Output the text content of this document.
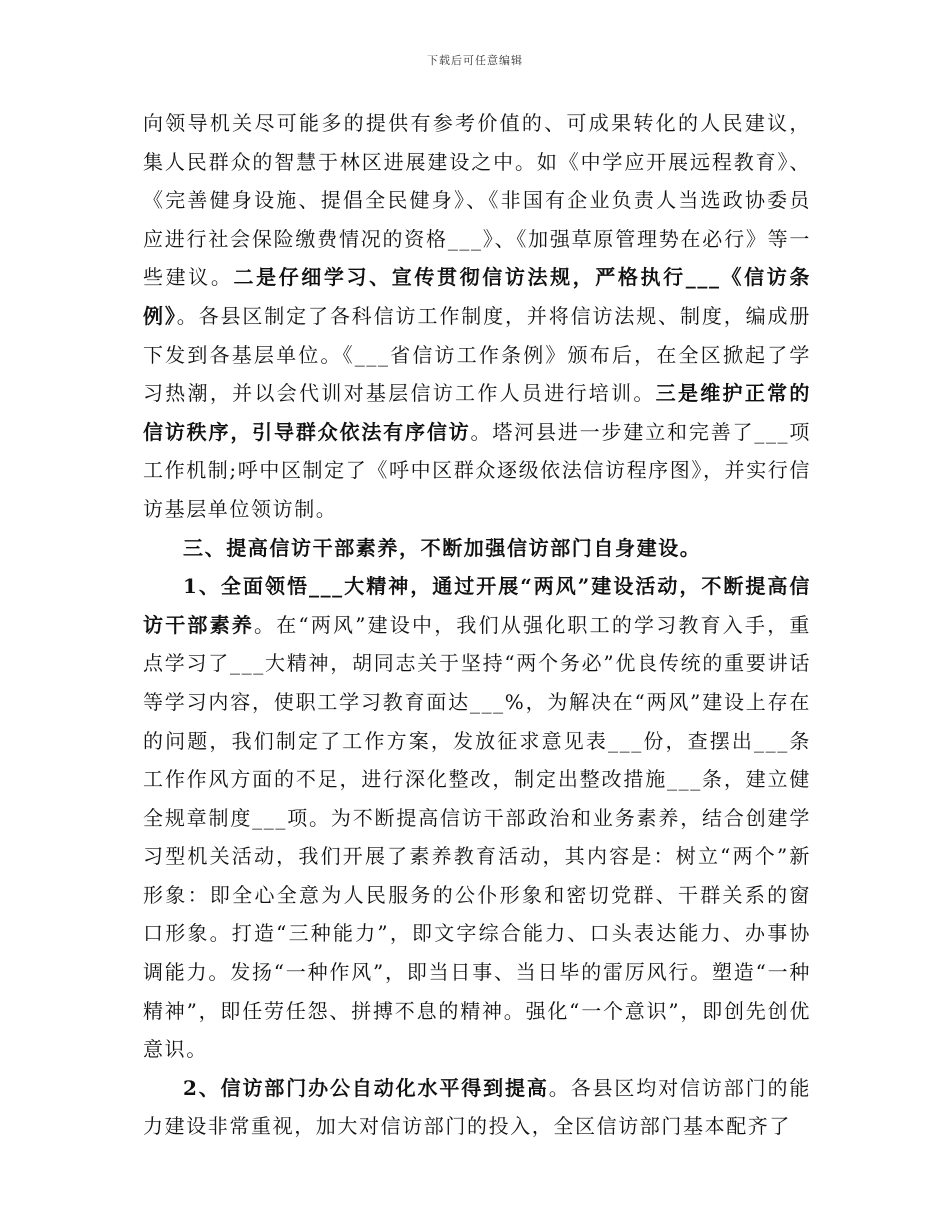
下载后可任意编辑

向领导机关尽可能多的提供有参考价值的、可成果转化的人民建议，集人民群众的智慧于林区进展建设之中。如《中学应开展远程教育》、《完善健身设施、提倡全民健身》、《非国有企业负责人当选政协委员应进行社会保险缴费情况的资格___》、《加强草原管理势在必行》等一些建议。二是仔细学习、宣传贯彻信访法规，严格执行___《信访条例》。各县区制定了各科信访工作制度，并将信访法规、制度，编成册下发到各基层单位。《___省信访工作条例》颁布后，在全区掀起了学习热潮，并以会代训对基层信访工作人员进行培训。三是维护正常的信访秩序，引导群众依法有序信访。塔河县进一步建立和完善了___项工作机制;呼中区制定了《呼中区群众逐级依法信访程序图》，并实行信访基层单位领访制。

三、提高信访干部素养，不断加强信访部门自身建设。

1、全面领悟___大精神，通过开展“两风”建设活动，不断提高信访干部素养。在“两风”建设中，我们从强化职工的学习教育入手，重点学习了___大精神，胡同志关于坚持“两个务必”优良传统的重要讲话等学习内容，使职工学习教育面达___%，为解决在“两风”建设上存在的问题，我们制定了工作方案，发放征求意见表___份，查摆出___条工作作风方面的不足，进行深化整改，制定出整改措施___条，建立健全规章制度___项。为不断提高信访干部政治和业务素养，结合创建学习型机关活动，我们开展了素养教育活动，其内容是：树立“两个”新形象：即全心全意为人民服务的公仆形象和密切党群、干群关系的窗口形象。打造“三种能力”，即文字综合能力、口头表达能力、办事协调能力。发扬“一种作风”，即当日事、当日毕的雷厉风行。塑造“一种精神”，即任劳任怨、拼搏不息的精神。强化“一个意识”，即创先创优意识。

2、信访部门办公自动化水平得到提高。各县区均对信访部门的能力建设非常重视，加大对信访部门的投入，全区信访部门基本配齐了
